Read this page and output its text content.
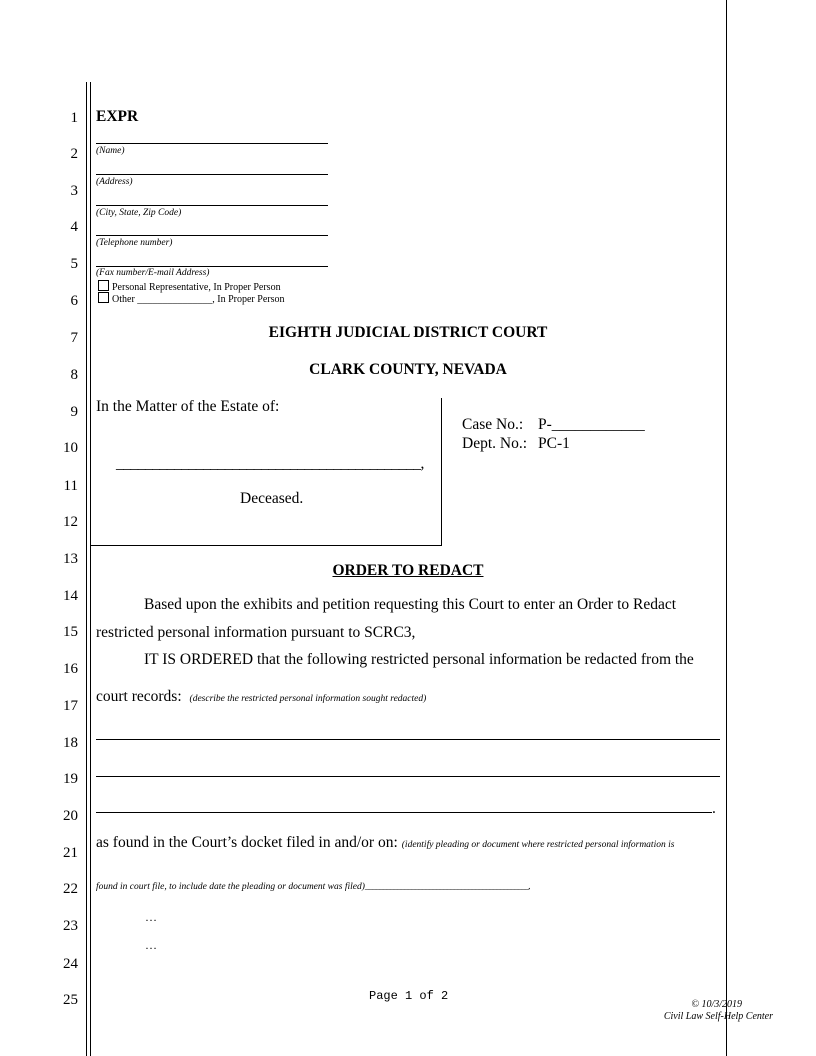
1
2
3
4
5
6
7
8
9
10
11
12
13
14
15
16
17
18
19
20
21
22
23
24
25
EXPR
(Name)
(Address)
(City, State, Zip Code)
(Telephone number)
(Fax number/E-mail Address)
Personal Representative, In Proper Person
Other _______________, In Proper Person
EIGHTH JUDICIAL DISTRICT COURT
CLARK COUNTY, NEVADA
In the Matter of the Estate of:
__________________________________________,
Deceased.
Case No.: P-____________
Dept. No.: PC-1
ORDER TO REDACT
Based upon the exhibits and petition requesting this Court to enter an Order to Redact
restricted personal information pursuant to SCRC3,
IT IS ORDERED that the following restricted personal information be redacted from the
court records: (describe the restricted personal information sought redacted)
.
as found in the Court’s docket filed in and/or on: (identify pleading or document where restricted personal information is
found in court file, to include date the pleading or document was filed)______________________________________________.
…
…
Page 1 of 2
© 10/3/2019
Civil Law Self-Help Center
